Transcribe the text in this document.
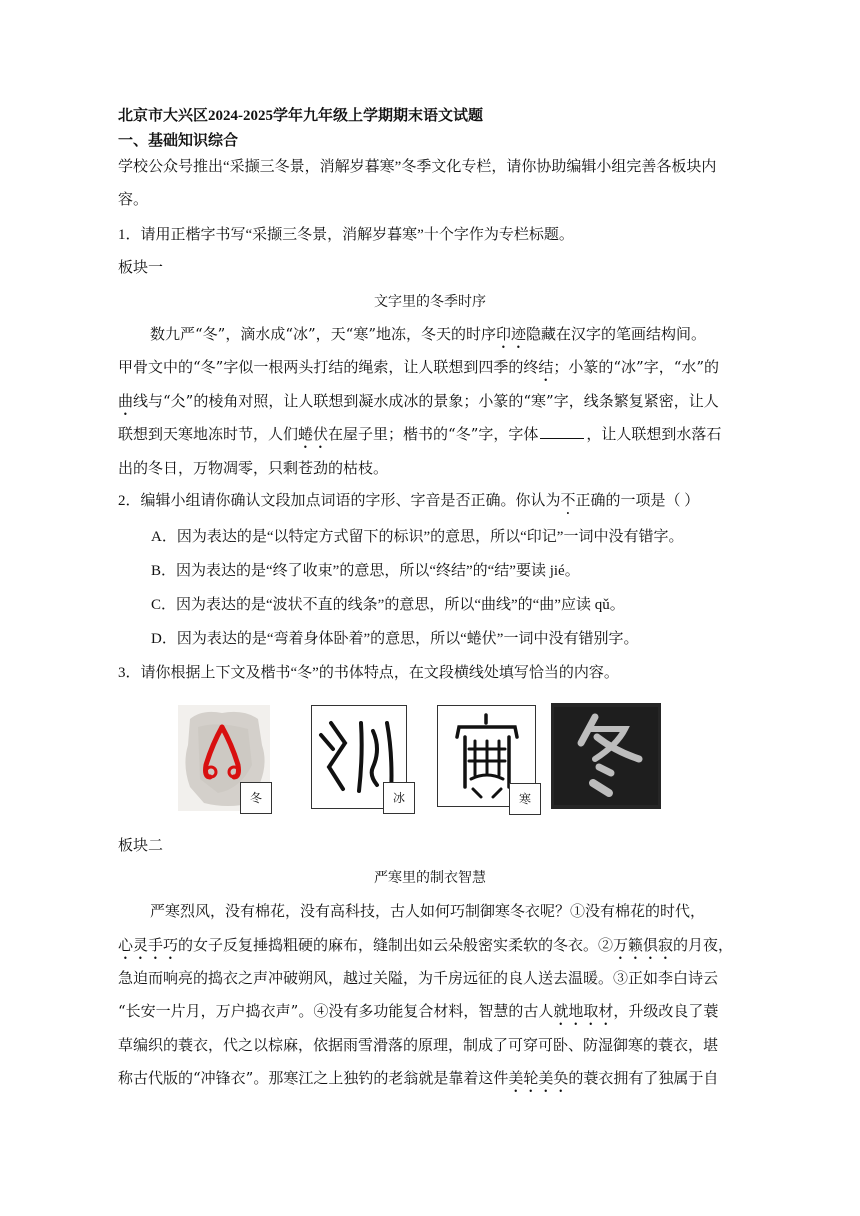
北京市大兴区2024-2025学年九年级上学期期末语文试题
一、基础知识综合
学校公众号推出“采撷三冬景，消解岁暮寒”冬季文化专栏，请你协助编辑小组完善各板块内
容。
1．请用正楷字书写“采撷三冬景，消解岁暮寒”十个字作为专栏标题。
板块一
文字里的冬季时序
数九严“冬”，滴水成“冰”，天“寒”地冻，冬天的时序印迹隐藏在汉字的笔画结构间。
甲骨文中的“冬”字似一根两头打结的绳索，让人联想到四季的终结；小篆的“冰”字，“水”的
曲线与“仌”的棱角对照，让人联想到凝水成冰的景象；小篆的“寒”字，线条繁复紧密，让人
联想到天寒地冻时节，人们蜷伏在屋子里；楷书的“冬”字，字体	，让人联想到水落石
出的冬日，万物凋零，只剩苍劲的枯枝。
2．编辑小组请你确认文段加点词语的字形、字音是否正确。你认为不正确的一项是（ ）
A．因为表达的是“以特定方式留下的标识”的意思，所以“印记”一词中没有错字。
B．因为表达的是“终了收束”的意思，所以“终结”的“结”要读 jié。
C．因为表达的是“波状不直的线条”的意思，所以“曲线”的“曲”应读 qǔ。
D．因为表达的是“弯着身体卧着”的意思，所以“蜷伏”一词中没有错别字。
3．请你根据上下文及楷书“冬”的书体特点，在文段横线处填写恰当的内容。
冬	冰	寒
板块二
严寒里的制衣智慧
严寒烈风，没有棉花，没有高科技，古人如何巧制御寒冬衣呢？①没有棉花的时代，
心灵手巧的女子反复捶捣粗硬的麻布，缝制出如云朵般密实柔软的冬衣。②万籁俱寂的月夜，
急迫而响亮的捣衣之声冲破朔风，越过关隘，为千房远征的良人送去温暖。③正如李白诗云
“长安一片月，万户捣衣声”。④没有多功能复合材料，智慧的古人就地取材，升级改良了蓑
草编织的蓑衣，代之以棕麻，依据雨雪滑落的原理，制成了可穿可卧、防湿御寒的蓑衣，堪
称古代版的“冲锋衣”。那寒江之上独钓的老翁就是靠着这件美轮美奂的蓑衣拥有了独属于自
